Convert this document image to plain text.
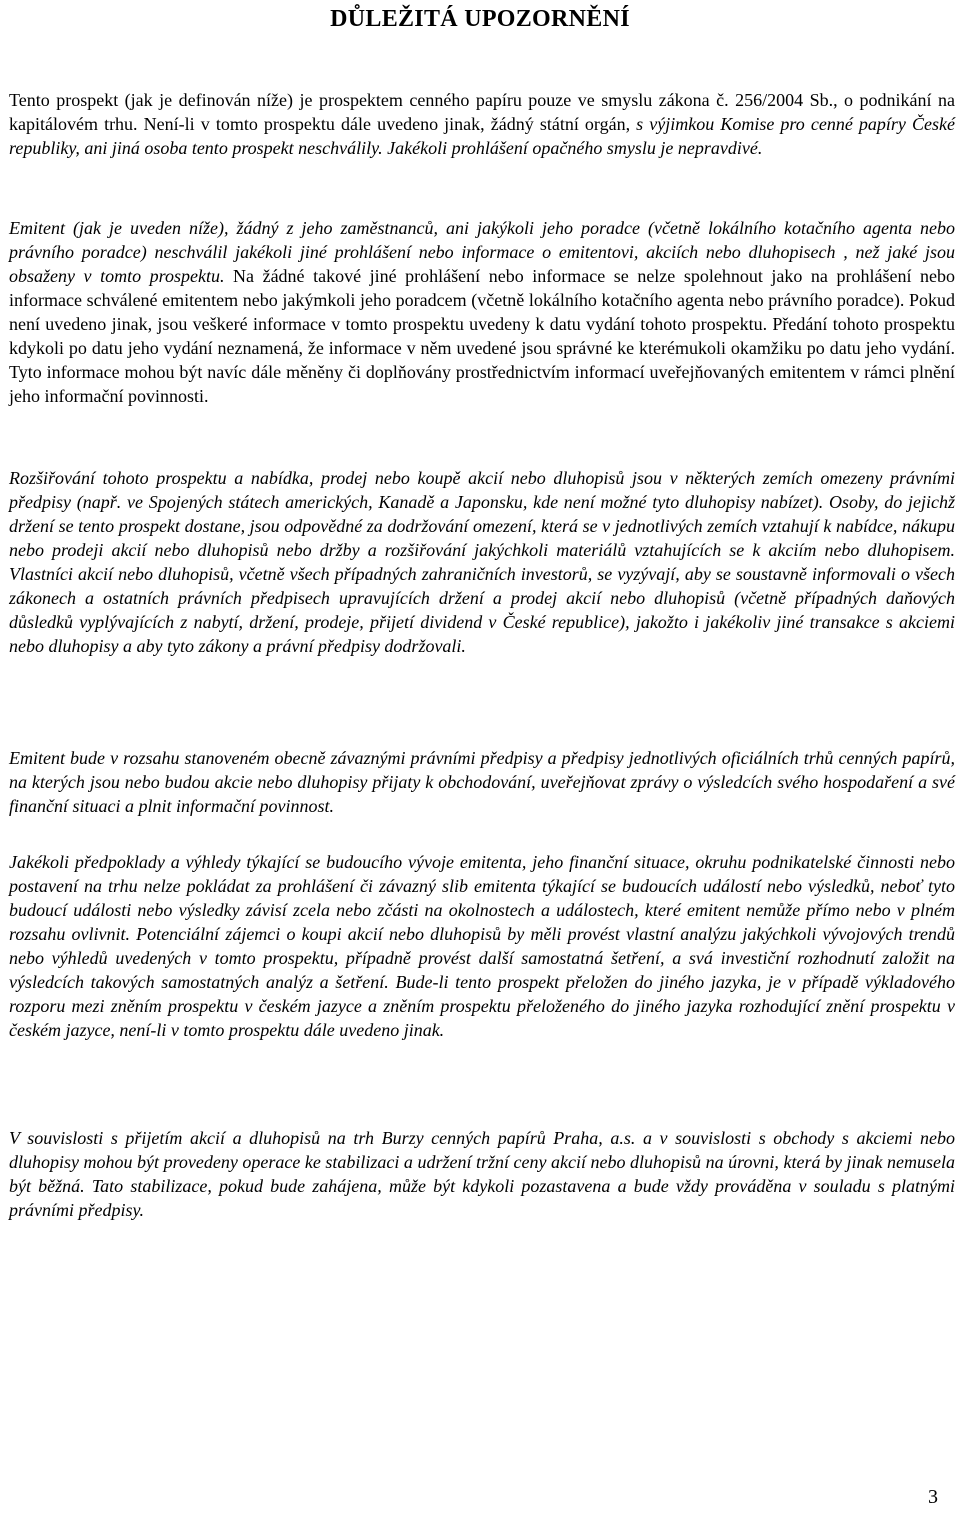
DŮLEŽITÁ UPOZORNĚNÍ

Tento prospekt (jak je definován níže) je prospektem cenného papíru pouze ve smyslu zákona č. 256/2004 Sb., o podnikání na kapitálovém trhu. Není-li v tomto prospektu dále uvedeno jinak, žádný státní orgán, s výjimkou Komise pro cenné papíry České republiky, ani jiná osoba tento prospekt neschválily. Jakékoli prohlášení opačného smyslu je nepravdivé.

Emitent (jak je uveden níže), žádný z jeho zaměstnanců, ani jakýkoli jeho poradce (včetně lokálního kotačního agenta nebo právního poradce) neschválil jakékoli jiné prohlášení nebo informace o emitentovi, akciích nebo dluhopisech , než jaké jsou obsaženy v tomto prospektu. Na žádné takové jiné prohlášení nebo informace se nelze spolehnout jako na prohlášení nebo informace schválené emitentem nebo jakýmkoli jeho poradcem (včetně lokálního kotačního agenta nebo právního poradce). Pokud není uvedeno jinak, jsou veškeré informace v tomto prospektu uvedeny k datu vydání tohoto prospektu. Předání tohoto prospektu kdykoli po datu jeho vydání neznamená, že informace v něm uvedené jsou správné ke kterémukoli okamžiku po datu jeho vydání. Tyto informace mohou být navíc dále měněny či doplňovány prostřednictvím informací uveřejňovaných emitentem v rámci plnění jeho informační povinnosti.

Rozšiřování tohoto prospektu a nabídka, prodej nebo koupě akcií nebo dluhopisů jsou v některých zemích omezeny právními předpisy (např. ve Spojených státech amerických, Kanadě a Japonsku, kde není možné tyto dluhopisy nabízet). Osoby, do jejichž držení se tento prospekt dostane, jsou odpovědné za dodržování omezení, která se v jednotlivých zemích vztahují k nabídce, nákupu nebo prodeji akcií nebo dluhopisů nebo držby a rozšiřování jakýchkoli materiálů vztahujících se k akciím nebo dluhopisem. Vlastníci akcií nebo dluhopisů, včetně všech případných zahraničních investorů, se vyzývají, aby se soustavně informovali o všech zákonech a ostatních právních předpisech upravujících držení a prodej akcií nebo dluhopisů (včetně případných daňových důsledků vyplývajících z nabytí, držení, prodeje, přijetí dividend v České republice), jakožto i jakékoliv jiné transakce s akciemi nebo dluhopisy a aby tyto zákony a právní předpisy dodržovali.

Emitent bude v rozsahu stanoveném obecně závaznými právními předpisy a předpisy jednotlivých oficiálních trhů cenných papírů, na kterých jsou nebo budou akcie nebo dluhopisy přijaty k obchodování, uveřejňovat zprávy o výsledcích svého hospodaření a své finanční situaci a plnit informační povinnost.

Jakékoli předpoklady a výhledy týkající se budoucího vývoje emitenta, jeho finanční situace, okruhu podnikatelské činnosti nebo postavení na trhu nelze pokládat za prohlášení či závazný slib emitenta týkající se budoucích událostí nebo výsledků, neboť tyto budoucí události nebo výsledky závisí zcela nebo zčásti na okolnostech a událostech, které emitent nemůže přímo nebo v plném rozsahu ovlivnit. Potenciální zájemci o koupi akcií nebo dluhopisů by měli provést vlastní analýzu jakýchkoli vývojových trendů nebo výhledů uvedených v tomto prospektu, případně provést další samostatná šetření, a svá investiční rozhodnutí založit na výsledcích takových samostatných analýz a šetření. Bude-li tento prospekt přeložen do jiného jazyka, je v případě výkladového rozporu mezi zněním prospektu v českém jazyce a zněním prospektu přeloženého do jiného jazyka rozhodující znění prospektu v českém jazyce, není-li v tomto prospektu dále uvedeno jinak.

V souvislosti s přijetím akcií a dluhopisů na trh Burzy cenných papírů Praha, a.s. a v souvislosti s obchody s akciemi nebo dluhopisy mohou být provedeny operace ke stabilizaci a udržení tržní ceny akcií nebo dluhopisů na úrovni, která by jinak nemusela být běžná. Tato stabilizace, pokud bude zahájena, může být kdykoli pozastavena a bude vždy prováděna v souladu s platnými právními předpisy.

3
